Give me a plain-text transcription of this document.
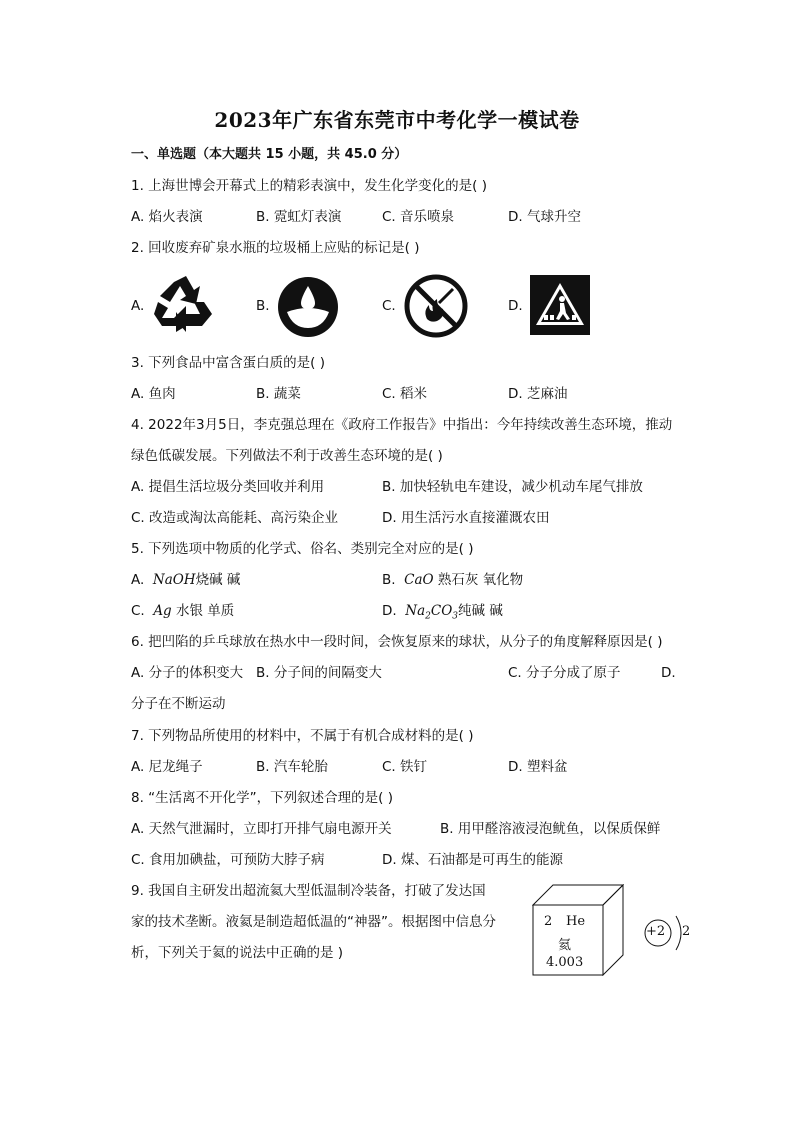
2023年广东省东莞市中考化学一模试卷
一、单选题（本大题共 15 小题，共 45.0 分）
1. 上海世博会开幕式上的精彩表演中，发生化学变化的是( )
A. 焰火表演	B. 霓虹灯表演	C. 音乐喷泉	D. 气球升空
2. 回收废弃矿泉水瓶的垃圾桶上应贴的标记是( )
A.	B.	C.	D.
3. 下列食品中富含蛋白质的是( )
A. 鱼肉	B. 蔬菜	C. 稻米	D. 芝麻油
4. 2022年3月5日，李克强总理在《政府工作报告》中指出：今年持续改善生态环境，推动
绿色低碳发展。下列做法不利于改善生态环境的是( )
A. 提倡生活垃圾分类回收并利用	B. 加快轻轨电车建设，减少机动车尾气排放
C. 改造或淘汰高能耗、高污染企业	D. 用生活污水直接灌溉农田
5. 下列选项中物质的化学式、俗名、类别完全对应的是( )
A.  NaOH烧碱 碱	B.  CaO 熟石灰 氧化物
C.  Ag 水银 单质	D.  $Na_2CO_3$纯碱 碱
6. 把凹陷的乒乓球放在热水中一段时间，会恢复原来的球状，从分子的角度解释原因是( )
A. 分子的体积变大 B. 分子间的间隔变大	C. 分子分成了原子	D.
分子在不断运动
7. 下列物品所使用的材料中，不属于有机合成材料的是( )
A. 尼龙绳子	B. 汽车轮胎	C. 铁钉	D. 塑料盆
8. “生活离不开化学”，下列叙述合理的是( )
A. 天然气泄漏时，立即打开排气扇电源开关	B. 用甲醛溶液浸泡鱿鱼，以保质保鲜
C. 食用加碘盐，可预防大脖子病	D. 煤、石油都是可再生的能源
9. 我国自主研发出超流氦大型低温制冷装备，打破了发达国
家的技术垄断。液氦是制造超低温的“神器”。根据图中信息分
析，下列关于氦的说法中正确的是 )
2 He
氦
4.003
+2 2
